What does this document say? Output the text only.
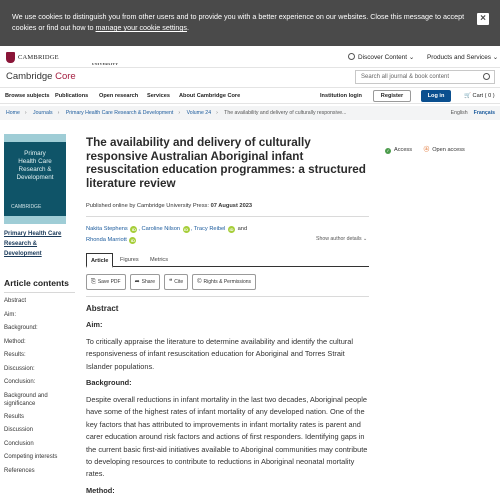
We use cookies to distinguish you from other users and to provide you with a better experience on our websites. Close this message to accept cookies or find out how to manage your cookie settings.
×
CAMBRIDGE
UNIVERSITY
Discover Content ⌄ Products and Services ⌄
Cambridge Core	Search all journal & book content
Browse subjects Publications Open research Services About Cambridge Core	Institution login	Register	Log in	🛒 Cart ( 0 )
Home › Journals › Primary Health Care Research & Development › Volume 24 › The availability and delivery of culturally responsive...	English Français
Primary
Health Care
Research &
Development
CAMBRIDGE
Primary Health Care Research & Development
Article contents
Abstract
Aim:
Background:
Method:
Results:
Discussion:
Conclusion:
Background and significance
Results
Discussion
Conclusion
Competing interests
References
The availability and delivery of culturally responsive Australian Aboriginal infant resuscitation education programmes: a structured literature review
Published online by Cambridge University Press: 07 August 2023
Nakita Stephens iD , Caroline Nilson iD , Tracy Reibel iD and
Rhonda Marriott iD	Show author details ⌄
Article	Figures Metrics
⎘ Save PDF	➦ Share	❝ Cite	© Rights & Permissions
Abstract
Aim:

To critically appraise the literature to determine availability and identify the cultural responsiveness of infant resuscitation education for Aboriginal and Torres Strait Islander populations.

Background:

Despite overall reductions in infant mortality in the last two decades, Aboriginal people have some of the highest rates of infant mortality of any developed nation. One of the key factors that has attributed to improvements in infant mortality rates is parent and carer education around risk factors and actions of first responders. Identifying gaps in the current basic first-aid initiatives available to Aboriginal communities may contribute to developing resources to contribute to reductions in Aboriginal neonatal mortality rates.

Method:
✓ Access ⓐ Open access
